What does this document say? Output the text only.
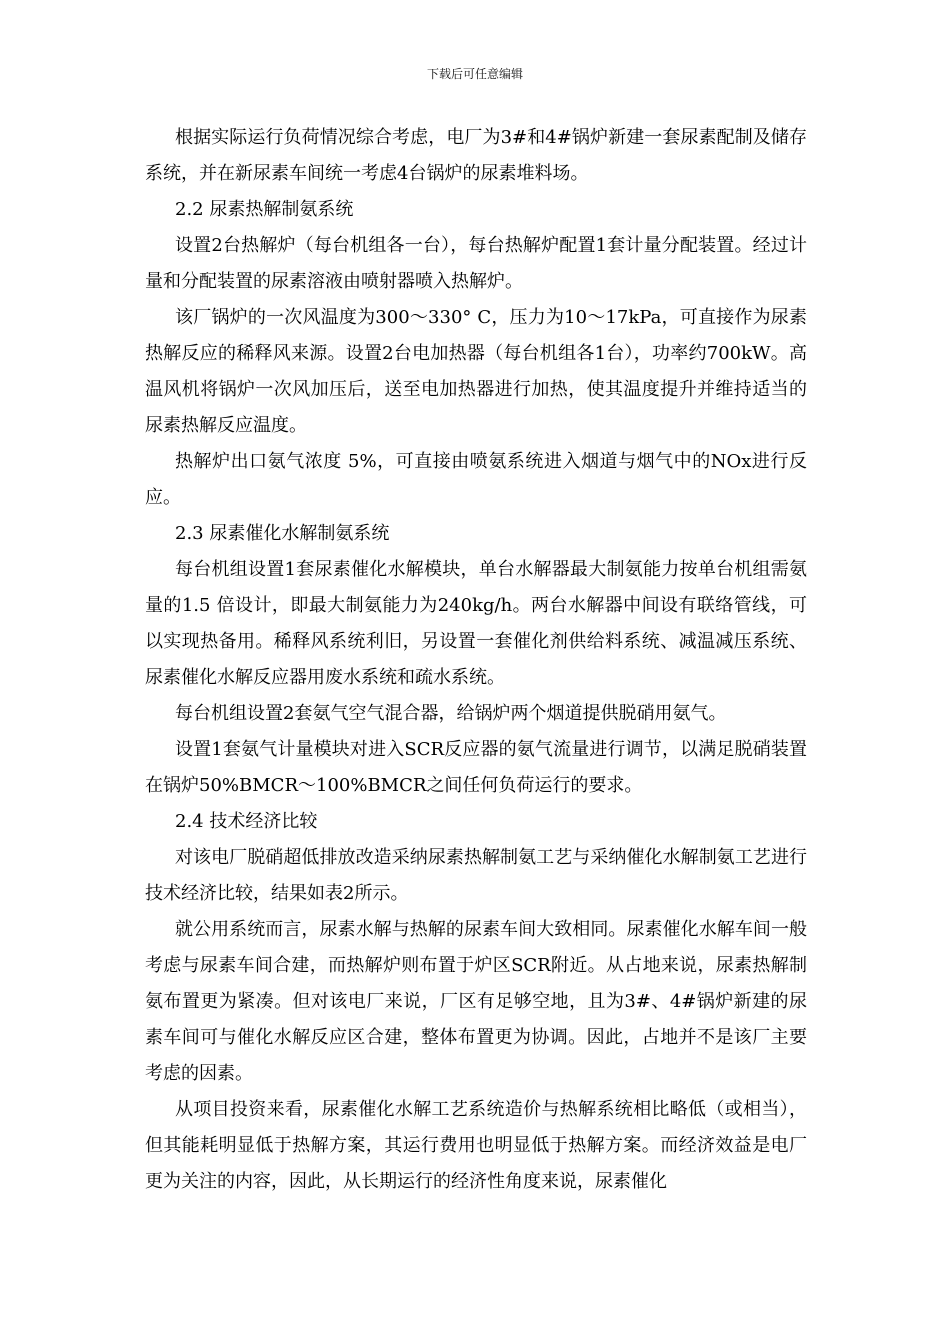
下载后可任意编辑

根据实际运行负荷情况综合考虑，电厂为3#和4#锅炉新建一套尿素配制及储存系统，并在新尿素车间统一考虑4台锅炉的尿素堆料场。

2.2 尿素热解制氨系统

设置2台热解炉（每台机组各一台），每台热解炉配置1套计量分配装置。经过计量和分配装置的尿素溶液由喷射器喷入热解炉。

该厂锅炉的一次风温度为300～330° C，压力为10～17kPa，可直接作为尿素热解反应的稀释风来源。设置2台电加热器（每台机组各1台），功率约700kW。高温风机将锅炉一次风加压后，送至电加热器进行加热，使其温度提升并维持适当的尿素热解反应温度。

热解炉出口氨气浓度 5%，可直接由喷氨系统进入烟道与烟气中的NOx进行反应。

2.3 尿素催化水解制氨系统

每台机组设置1套尿素催化水解模块，单台水解器最大制氨能力按单台机组需氨量的1.5 倍设计，即最大制氨能力为240kg/h。两台水解器中间设有联络管线，可以实现热备用。稀释风系统利旧，另设置一套催化剂供给料系统、减温减压系统、尿素催化水解反应器用废水系统和疏水系统。

每台机组设置2套氨气空气混合器，给锅炉两个烟道提供脱硝用氨气。

设置1套氨气计量模块对进入SCR反应器的氨气流量进行调节，以满足脱硝装置在锅炉50%BMCR～100%BMCR之间任何负荷运行的要求。

2.4 技术经济比较

对该电厂脱硝超低排放改造采纳尿素热解制氨工艺与采纳催化水解制氨工艺进行技术经济比较，结果如表2所示。

就公用系统而言，尿素水解与热解的尿素车间大致相同。尿素催化水解车间一般考虑与尿素车间合建，而热解炉则布置于炉区SCR附近。从占地来说，尿素热解制氨布置更为紧凑。但对该电厂来说，厂区有足够空地，且为3#、4#锅炉新建的尿素车间可与催化水解反应区合建，整体布置更为协调。因此，占地并不是该厂主要考虑的因素。

从项目投资来看，尿素催化水解工艺系统造价与热解系统相比略低（或相当），但其能耗明显低于热解方案，其运行费用也明显低于热解方案。而经济效益是电厂更为关注的内容，因此，从长期运行的经济性角度来说，尿素催化
